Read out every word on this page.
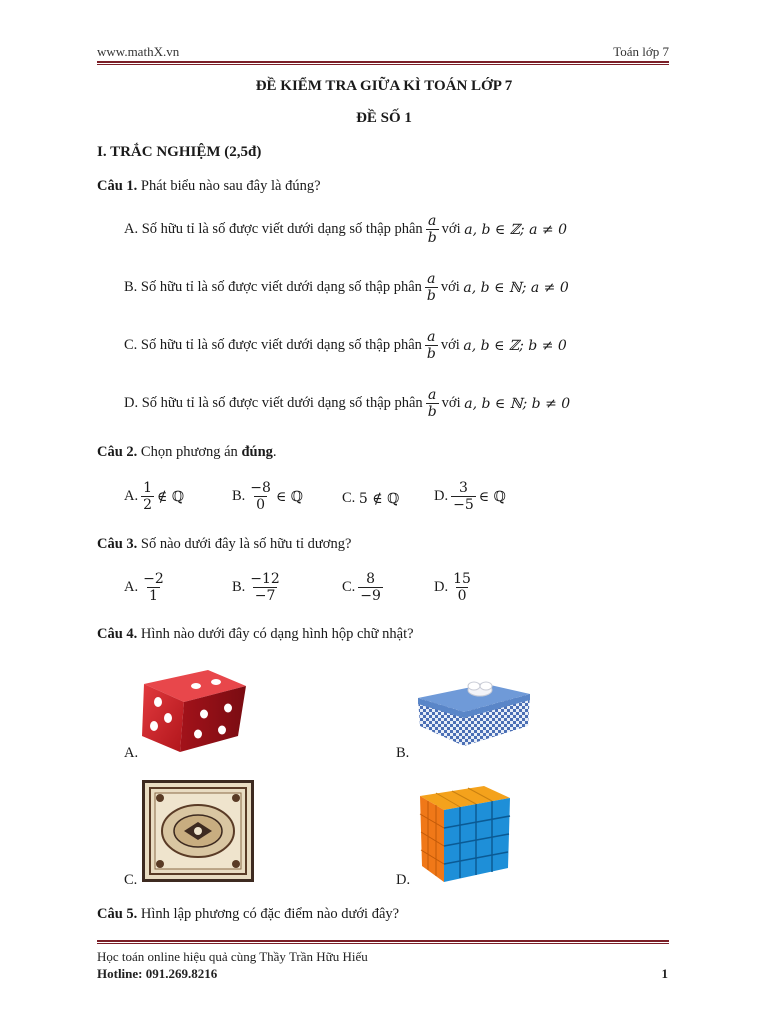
www.mathX.vn	Toán lớp 7
ĐỀ KIỂM TRA GIỮA KÌ TOÁN LỚP 7
ĐỀ SỐ 1
I. TRẮC NGHIỆM (2,5đ)
Câu 1. Phát biểu nào sau đây là đúng?
A.
Số hữu tỉ là số được viết dưới dạng số thập phân $\frac{a}{b}$ với
a, b ∈ ℤ; a ≠ 0
B.
Số hữu tỉ là số được viết dưới dạng số thập phân $\frac{a}{b}$ với
a, b ∈ ℕ; a ≠ 0
C.
Số hữu tỉ là số được viết dưới dạng số thập phân $\frac{a}{b}$ với
a, b ∈ ℤ; b ≠ 0
D.
Số hữu tỉ là số được viết dưới dạng số thập phân $\frac{a}{b}$ với
a, b ∈ ℕ; b ≠ 0
Câu 2. Chọn phương án đúng.
A. $\frac{1}{2}$ ∉ ℚ	B. $\frac{-8}{0}$ ∈ ℚ	C.
5 ∉ ℚ D. $\frac{3}{-5}$ ∈ ℚ
Câu 3. Số nào dưới đây là số hữu tỉ dương?
A. $\frac{-2}{1}$	B. $\frac{-12}{-7}$	C. $\frac{8}{-9}$	D. $\frac{15}{0}$
Câu 4. Hình nào dưới đây có dạng hình hộp chữ nhật?
A.	B.
C.	D.
Câu 5. Hình lập phương có đặc điểm nào dưới đây?
Học toán online hiệu quả cùng Thầy Trần Hữu Hiếu
Hotline: 091.269.8216	1
